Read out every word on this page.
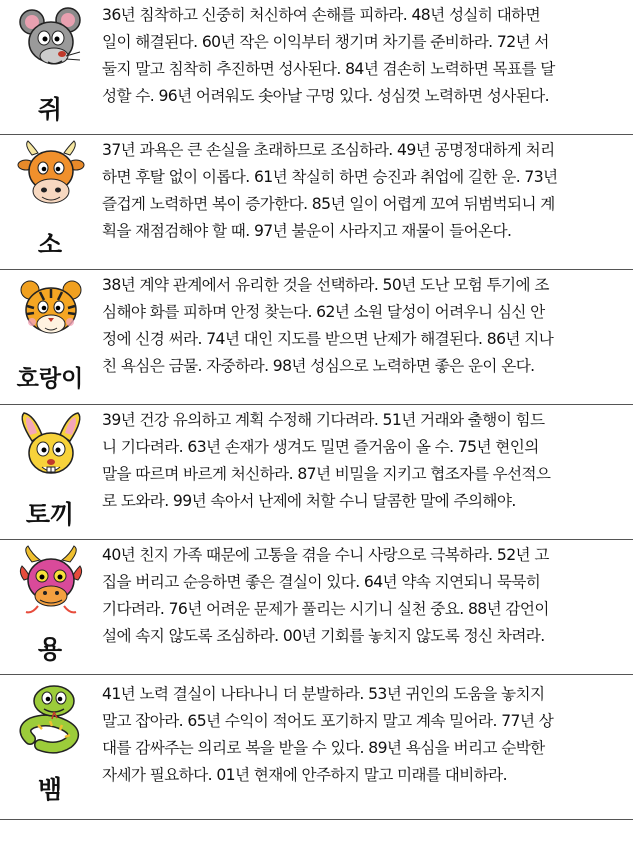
쥐

36년 침착하고 신중히 처신하여 손해를 피하라. 48년 성실히 대하면
일이 해결된다. 60년 작은 이익부터 챙기며 차기를 준비하라. 72년 서
둘지 말고 침착히 추진하면 성사된다. 84년 겸손히 노력하면 목표를 달
성할 수. 96년 어려워도 솟아날 구멍 있다. 성심껏 노력하면 성사된다.

소

37년 과욕은 큰 손실을 초래하므로 조심하라. 49년 공명정대하게 처리
하면 후탈 없이 이롭다. 61년 착실히 하면 승진과 취업에 길한 운. 73년
즐겁게 노력하면 복이 증가한다. 85년 일이 어렵게 꼬여 뒤범벅되니 계
획을 재점검해야 할 때. 97년 불운이 사라지고 재물이 들어온다.

호랑이

38년 계약 관계에서 유리한 것을 선택하라. 50년 도난 모험 투기에 조
심해야 화를 피하며 안정 찾는다. 62년 소원 달성이 어려우니 심신 안
정에 신경 써라. 74년 대인 지도를 받으면 난제가 해결된다. 86년 지나
친 욕심은 금물. 자중하라. 98년 성심으로 노력하면 좋은 운이 온다.

토끼

39년 건강 유의하고 계획 수정해 기다려라. 51년 거래와 출행이 힘드
니 기다려라. 63년 손재가 생겨도 밀면 즐거움이 올 수. 75년 현인의
말을 따르며 바르게 처신하라. 87년 비밀을 지키고 협조자를 우선적으
로 도와라. 99년 속아서 난제에 처할 수니 달콤한 말에 주의해야.

용

40년 친지 가족 때문에 고통을 겪을 수니 사랑으로 극복하라. 52년 고
집을 버리고 순응하면 좋은 결실이 있다. 64년 약속 지연되니 묵묵히
기다려라. 76년 어려운 문제가 풀리는 시기니 실천 중요. 88년 감언이
설에 속지 않도록 조심하라. 00년 기회를 놓치지 않도록 정신 차려라.

뱀

41년 노력 결실이 나타나니 더 분발하라. 53년 귀인의 도움을 놓치지
말고 잡아라. 65년 수익이 적어도 포기하지 말고 계속 밀어라. 77년 상
대를 감싸주는 의리로 복을 받을 수 있다. 89년 욕심을 버리고 순박한
자세가 필요하다. 01년 현재에 안주하지 말고 미래를 대비하라.
